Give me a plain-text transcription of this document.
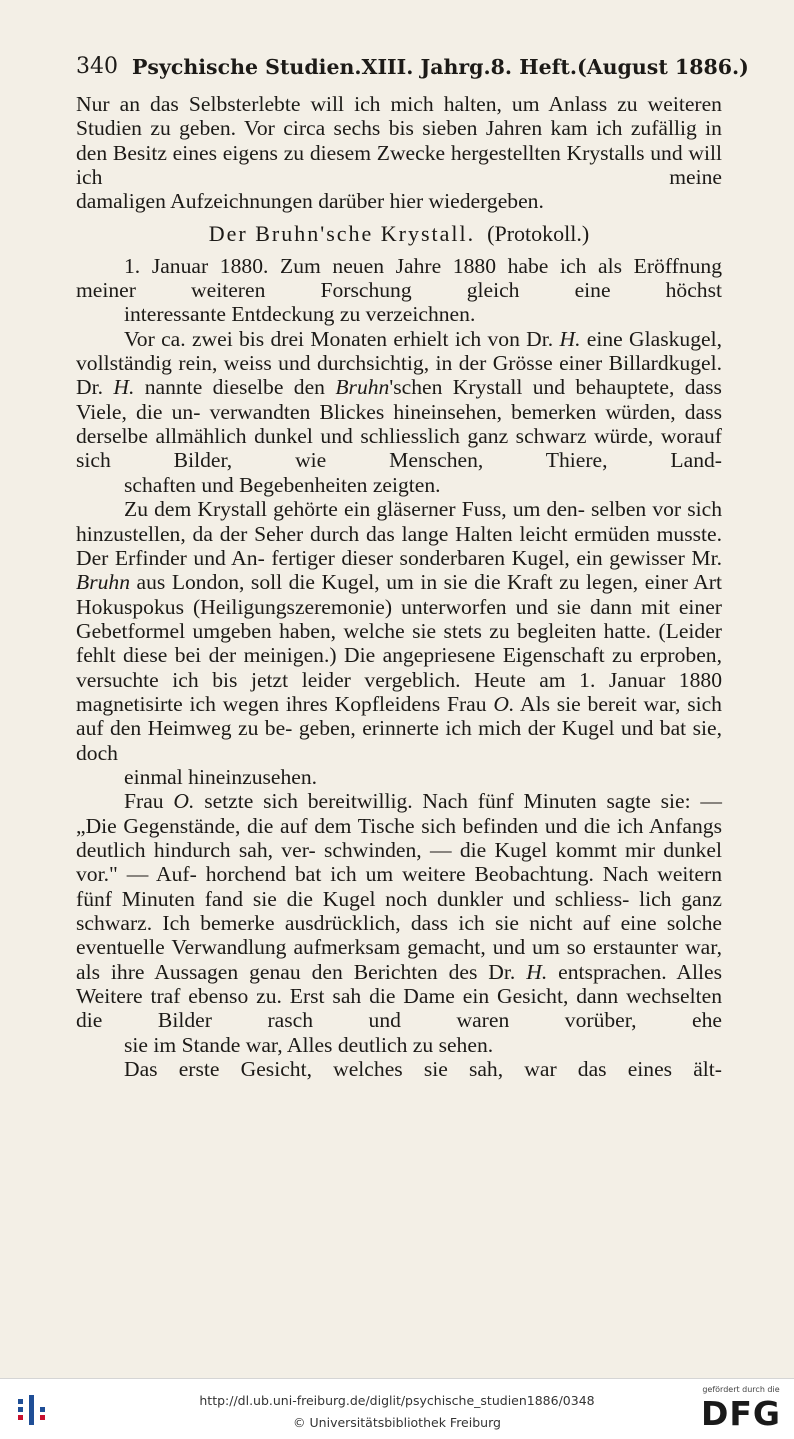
340 Psychische Studien. XIII. Jahrg. 8. Heft. (August 1886.)

Nur an das Selbsterlebte will ich mich halten, um Anlass zu weiteren Studien zu geben. Vor circa sechs bis sieben Jahren kam ich zufällig in den Besitz eines eigens zu diesem Zwecke hergestellten Krystalls und will ich meine
damaligen Aufzeichnungen darüber hier wiedergeben.

Der Bruhn'sche Krystall. (Protokoll.)

1. Januar 1880. Zum neuen Jahre 1880 habe ich als Eröffnung meiner weiteren Forschung gleich eine höchst
interessante Entdeckung zu verzeichnen.

Vor ca. zwei bis drei Monaten erhielt ich von Dr. H. eine Glaskugel, vollständig rein, weiss und durchsichtig, in der Grösse einer Billardkugel. Dr. H. nannte dieselbe den Bruhn'schen Krystall und behauptete, dass Viele, die un- verwandten Blickes hineinsehen, bemerken würden, dass derselbe allmählich dunkel und schliesslich ganz schwarz würde, worauf sich Bilder, wie Menschen, Thiere, Land-
schaften und Begebenheiten zeigten.

Zu dem Krystall gehörte ein gläserner Fuss, um den- selben vor sich hinzustellen, da der Seher durch das lange Halten leicht ermüden musste. Der Erfinder und An- fertiger dieser sonderbaren Kugel, ein gewisser Mr. Bruhn aus London, soll die Kugel, um in sie die Kraft zu legen, einer Art Hokuspokus (Heiligungszeremonie) unterworfen und sie dann mit einer Gebetformel umgeben haben, welche sie stets zu begleiten hatte. (Leider fehlt diese bei der meinigen.) Die angepriesene Eigenschaft zu erproben, versuchte ich bis jetzt leider vergeblich. Heute am 1. Januar 1880 magnetisirte ich wegen ihres Kopfleidens Frau O. Als sie bereit war, sich auf den Heimweg zu be- geben, erinnerte ich mich der Kugel und bat sie, doch
einmal hineinzusehen.

Frau O. setzte sich bereitwillig. Nach fünf Minuten sagte sie: — „Die Gegenstände, die auf dem Tische sich befinden und die ich Anfangs deutlich hindurch sah, ver- schwinden, — die Kugel kommt mir dunkel vor." — Auf- horchend bat ich um weitere Beobachtung. Nach weitern fünf Minuten fand sie die Kugel noch dunkler und schliess- lich ganz schwarz. Ich bemerke ausdrücklich, dass ich sie nicht auf eine solche eventuelle Verwandlung aufmerksam gemacht, und um so erstaunter war, als ihre Aussagen genau den Berichten des Dr. H. entsprachen. Alles Weitere traf ebenso zu. Erst sah die Dame ein Gesicht, dann wechselten die Bilder rasch und waren vorüber, ehe
sie im Stande war, Alles deutlich zu sehen.

Das erste Gesicht, welches sie sah, war das eines ält-

http://dl.ub.uni-freiburg.de/diglit/psychische_studien1886/0348
© Universitätsbibliothek Freiburg
gefördert durch die
DFG
